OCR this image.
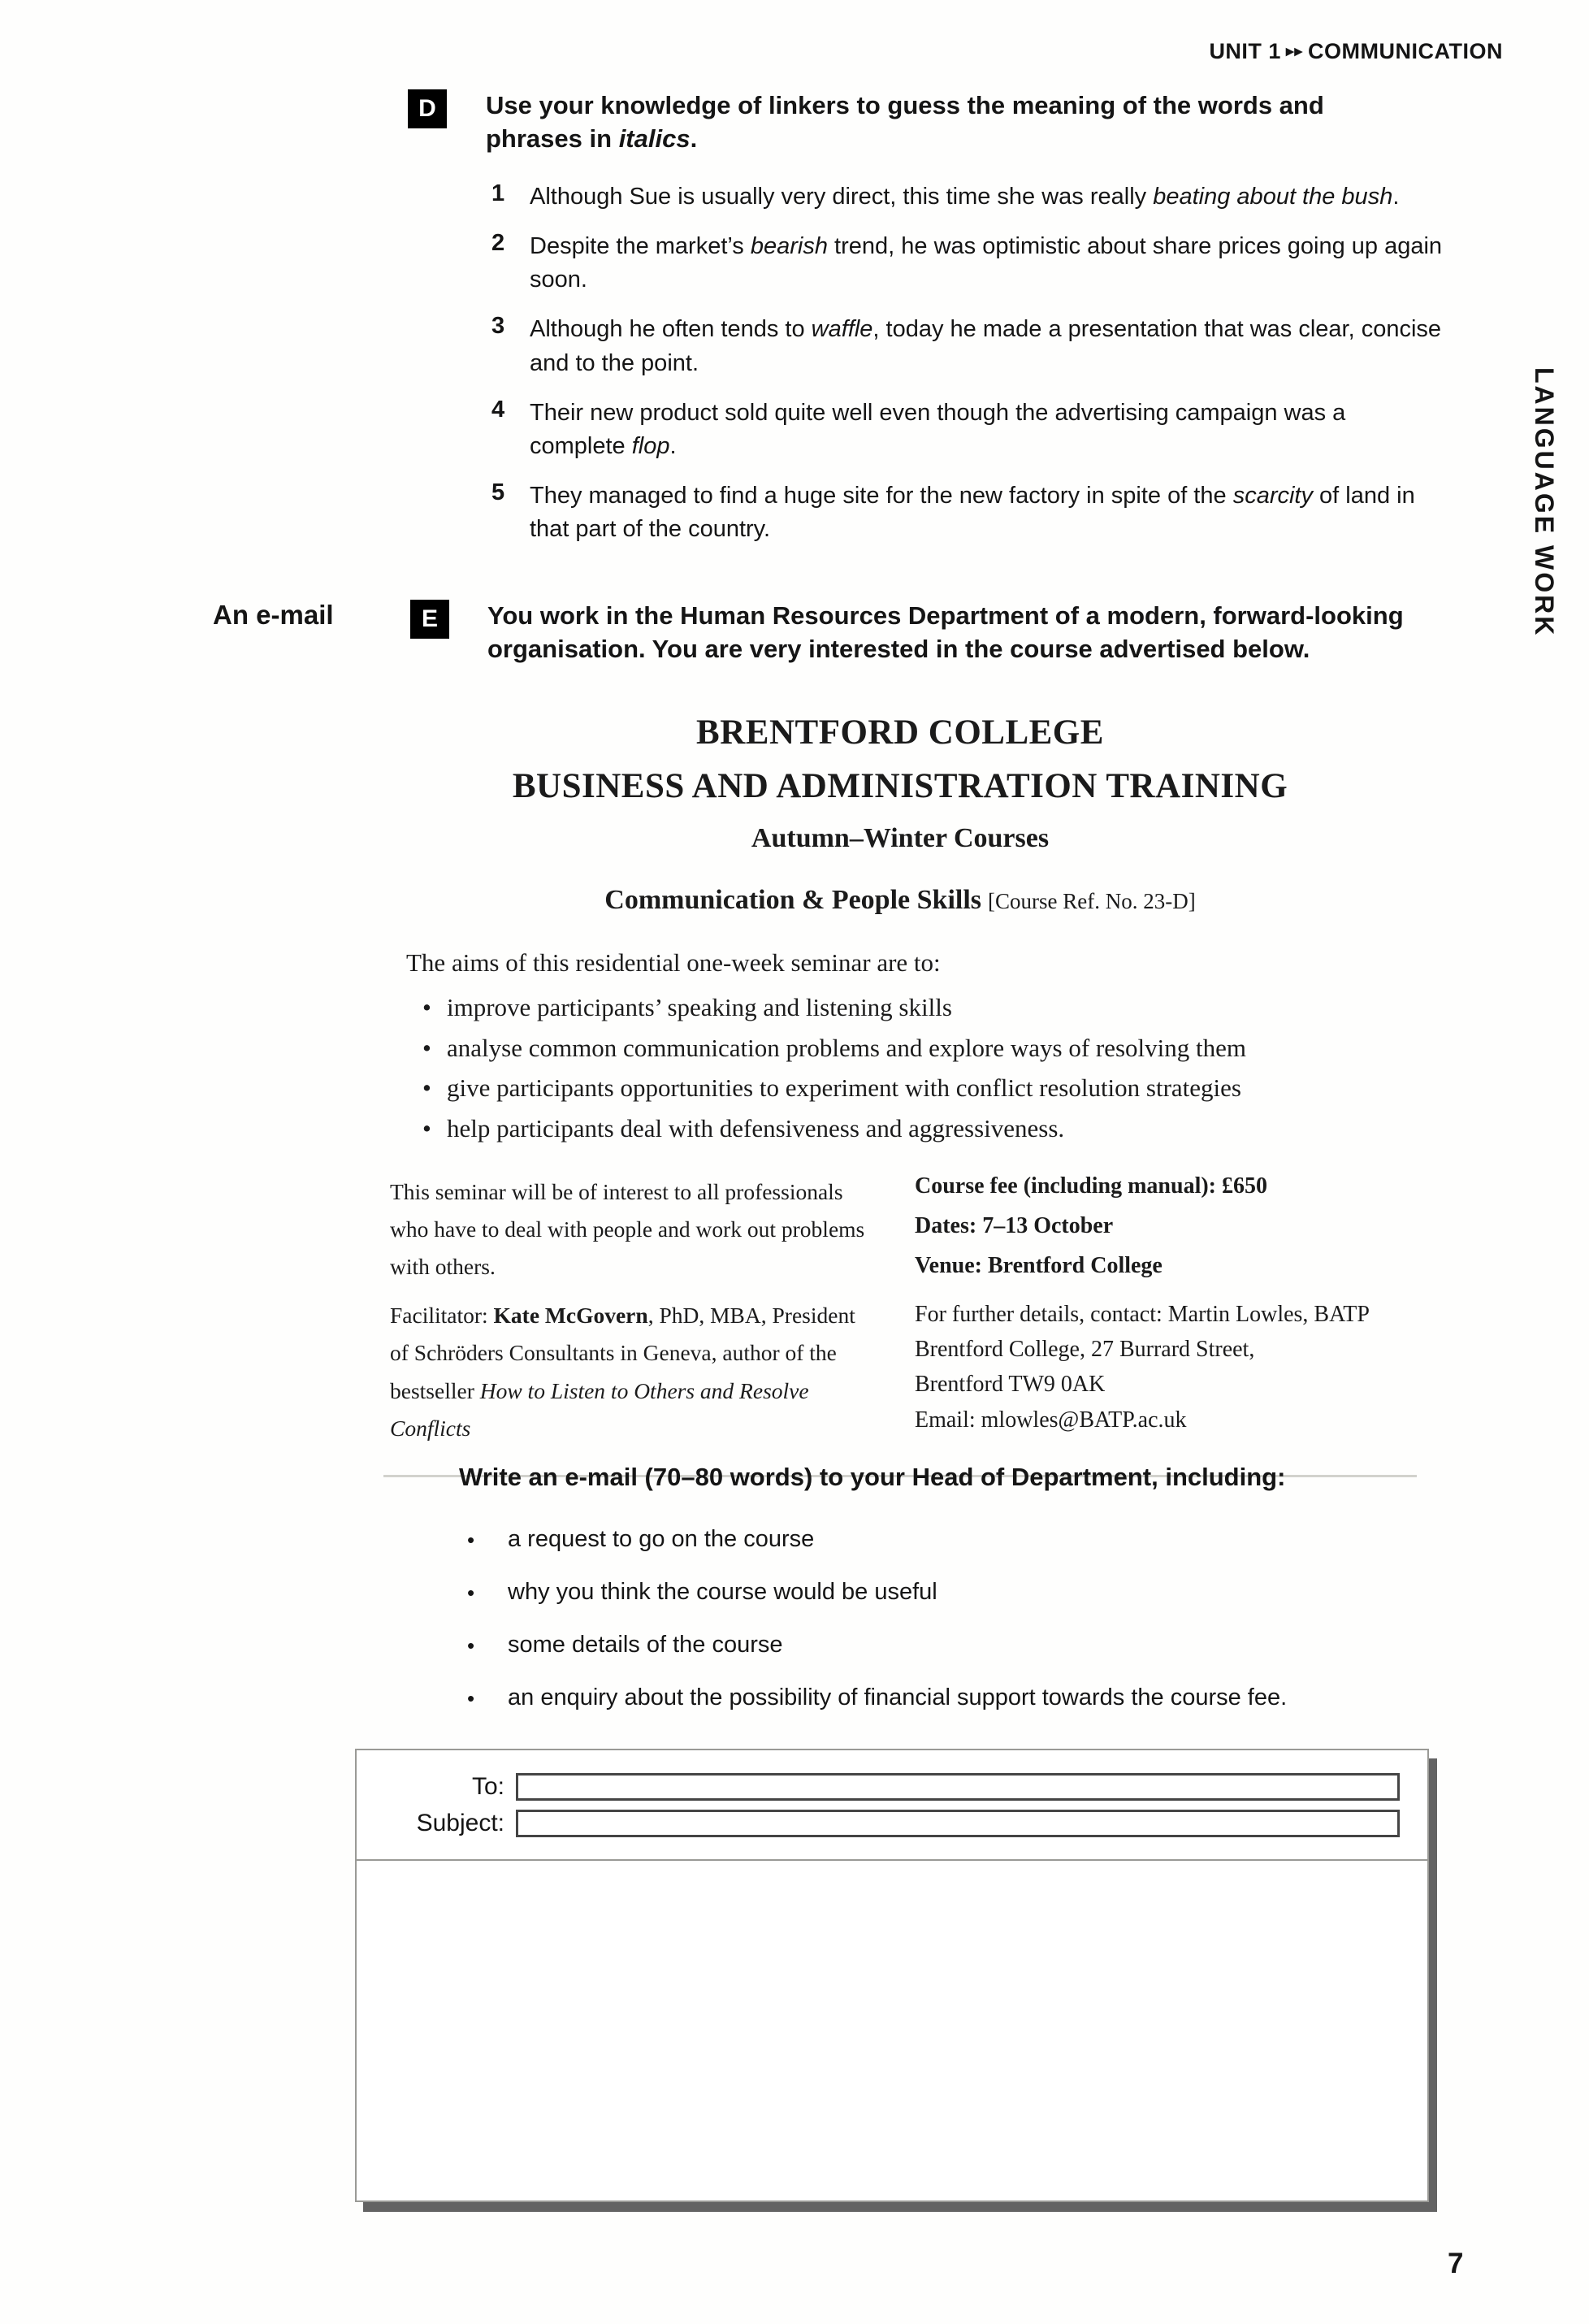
UNIT 1 ▸▸ COMMUNICATION
LANGUAGE WORK
D	Use your knowledge of linkers to guess the meaning of the words and phrases in italics.
1	Although Sue is usually very direct, this time she was really beating about the bush.
2	Despite the market’s bearish trend, he was optimistic about share prices going up again soon.
3	Although he often tends to waffle, today he made a presentation that was clear, concise and to the point.
4	Their new product sold quite well even though the advertising campaign was a complete flop.
5	They managed to find a huge site for the new factory in spite of the scarcity of land in that part of the country.
An e-mail	E	You work in the Human Resources Department of a modern, forward-looking organisation. You are very interested in the course advertised below.
BRENTFORD COLLEGE
BUSINESS AND ADMINISTRATION TRAINING
Autumn–Winter Courses
Communication & People Skills [Course Ref. No. 23-D]
The aims of this residential one-week seminar are to:
• improve participants’ speaking and listening skills
• analyse common communication problems and explore ways of resolving them
• give participants opportunities to experiment with conflict resolution strategies
• help participants deal with defensiveness and aggressiveness.
This seminar will be of interest to all professionals who have to deal with people and work out problems with others.
Facilitator: Kate McGovern, PhD, MBA, President of Schröders Consultants in Geneva, author of the bestseller How to Listen to Others and Resolve Conflicts
Course fee (including manual): £650
Dates: 7–13 October
Venue: Brentford College
For further details, contact: Martin Lowles, BATP
Brentford College, 27 Burrard Street,
Brentford TW9 0AK
Email: mlowles@BATP.ac.uk
Write an e-mail (70–80 words) to your Head of Department, including:
• a request to go on the course
• why you think the course would be useful
• some details of the course
• an enquiry about the possibility of financial support towards the course fee.
To:
Subject:
7
